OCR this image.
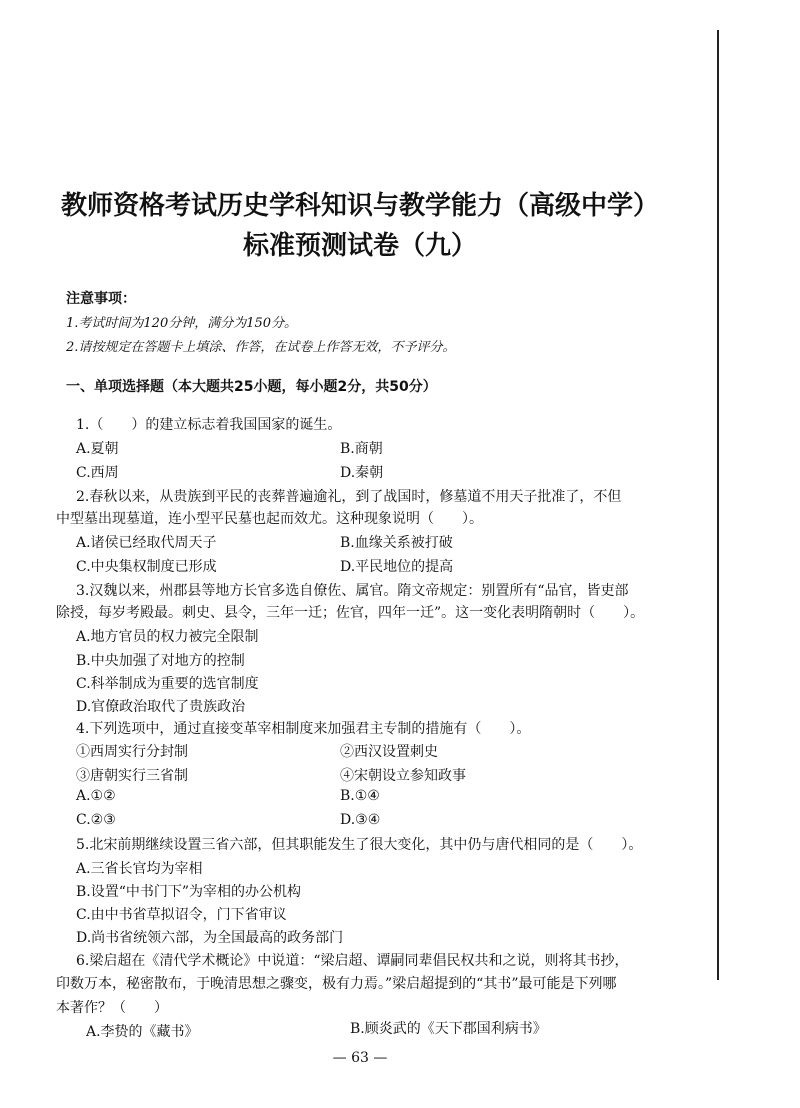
教师资格考试历史学科知识与教学能力（高级中学）
标准预测试卷（九）
注意事项：
1.考试时间为120分钟，满分为150分。
2.请按规定在答题卡上填涂、作答，在试卷上作答无效，不予评分。
一、单项选择题（本大题共25小题，每小题2分，共50分）
1.（　　）的建立标志着我国国家的诞生。
A.夏朝	B.商朝
C.西周	D.秦朝
2.春秋以来，从贵族到平民的丧葬普遍逾礼，到了战国时，修墓道不用天子批准了，不但
中型墓出现墓道，连小型平民墓也起而效尤。这种现象说明（　　）。
A.诸侯已经取代周天子	B.血缘关系被打破
C.中央集权制度已形成	D.平民地位的提高
3.汉魏以来，州郡县等地方长官多选自僚佐、属官。隋文帝规定：别置所有“品官，皆吏部
除授，每岁考殿最。刺史、县令，三年一迁；佐官，四年一迁”。这一变化表明隋朝时（　　）。
A.地方官员的权力被完全限制
B.中央加强了对地方的控制
C.科举制成为重要的选官制度
D.官僚政治取代了贵族政治
4.下列选项中，通过直接变革宰相制度来加强君主专制的措施有（　　）。
①西周实行分封制	②西汉设置刺史
③唐朝实行三省制	④宋朝设立参知政事
A.①②	B.①④
C.②③	D.③④
5.北宋前期继续设置三省六部，但其职能发生了很大变化，其中仍与唐代相同的是（　　）。
A.三省长官均为宰相
B.设置“中书门下”为宰相的办公机构
C.由中书省草拟诏令，门下省审议
D.尚书省统领六部，为全国最高的政务部门
6.梁启超在《清代学术概论》中说道：“梁启超、谭嗣同辈倡民权共和之说，则将其书抄，
印数万本，秘密散布，于晚清思想之骤变，极有力焉。”梁启超提到的“其书”最可能是下列哪
本著作？（　　）
A.李贽的《藏书》	B.顾炎武的《天下郡国利病书》
— 63 —
